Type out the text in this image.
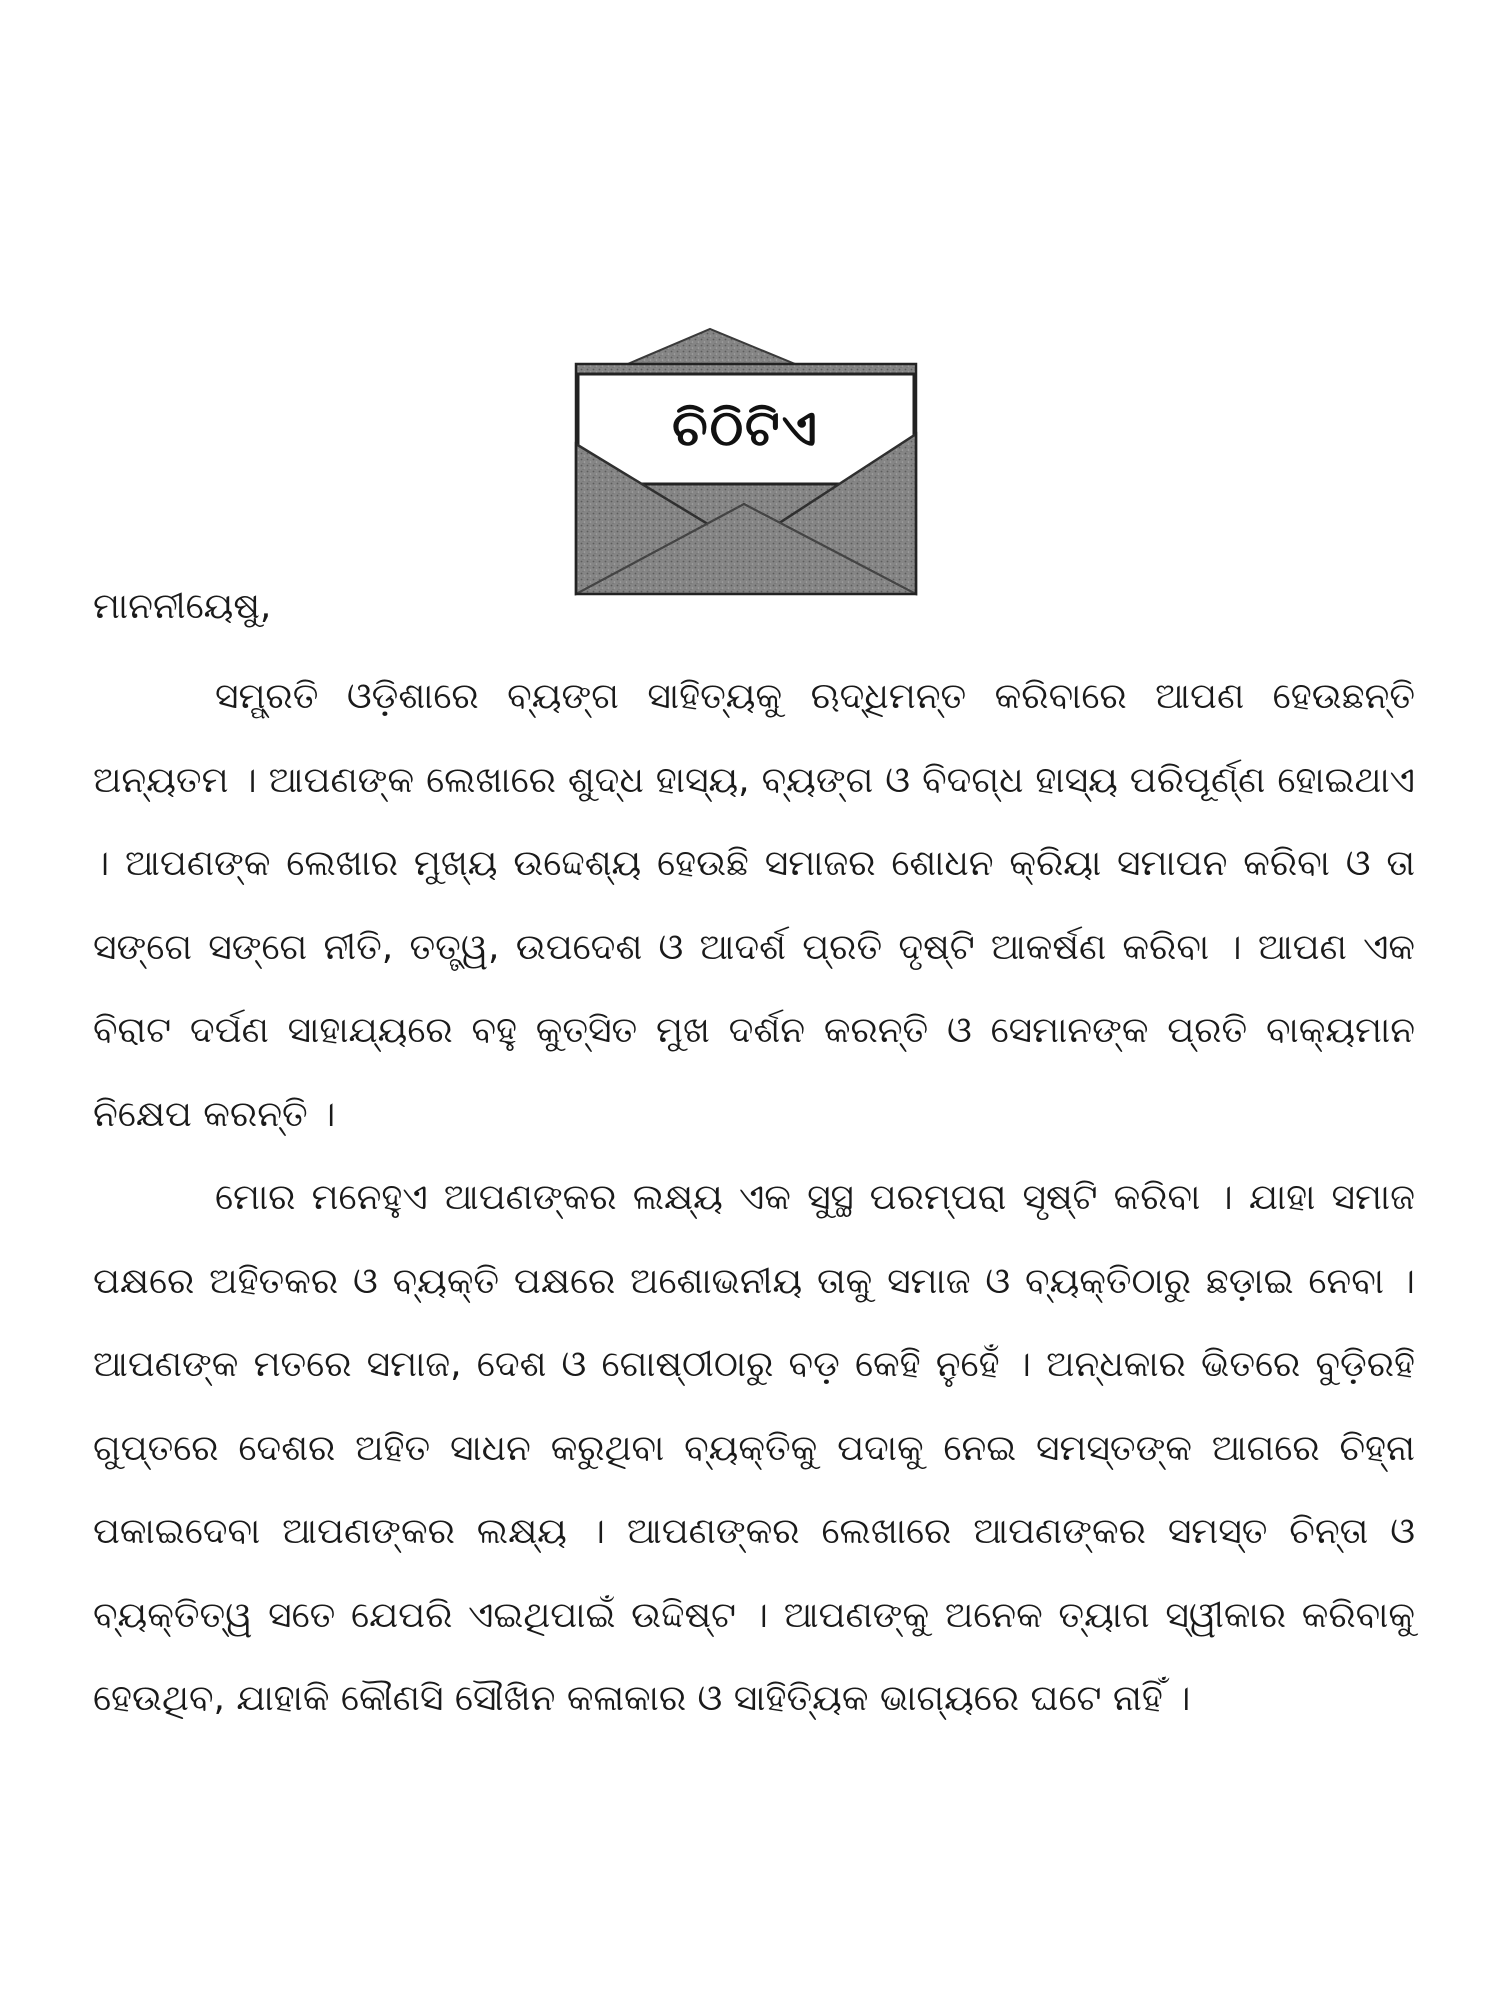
ଚିଠିଟିଏ
ମାନନୀୟେଷୁ,

ସମ୍ପ୍ରତି ଓଡ଼ିଶାରେ ବ୍ୟଙ୍ଗ ସାହିତ୍ୟକୁ ଋଦ୍ଧିମନ୍ତ କରିବାରେ ଆପଣ ହେଉଛନ୍ତି ଅନ୍ୟତମ । ଆପଣଙ୍କ ଲେଖାରେ ଶୁଦ୍ଧ ହାସ୍ୟ, ବ୍ୟଙ୍ଗ ଓ ବିଦଗ୍ଧ ହାସ୍ୟ ପରିପୂର୍ଣ୍ଣ ହୋଇଥାଏ । ଆପଣଙ୍କ ଲେଖାର ମୁଖ୍ୟ ଉଦ୍ଦେଶ୍ୟ ହେଉଛି ସମାଜର ଶୋଧନ କ୍ରିୟା ସମାପନ କରିବା ଓ ତା ସଙ୍ଗେ ସଙ୍ଗେ ନୀତି, ତତ୍ତ୍ୱ, ଉପଦେଶ ଓ ଆଦର୍ଶ ପ୍ରତି ଦୃଷ୍ଟି ଆକର୍ଷଣ କରିବା । ଆପଣ ଏକ ବିରାଟ ଦର୍ପଣ ସାହାଯ୍ୟରେ ବହୁ କୁତ୍ସିତ ମୁଖ ଦର୍ଶନ କରନ୍ତି ଓ ସେମାନଙ୍କ ପ୍ରତି ବାକ୍ୟମାନ ନିକ୍ଷେପ କରନ୍ତି ।

ମୋର ମନେହୁଏ ଆପଣଙ୍କର ଲକ୍ଷ୍ୟ ଏକ ସୁସ୍ଥ ପରମ୍ପରା ସୃଷ୍ଟି କରିବା । ଯାହା ସମାଜ ପକ୍ଷରେ ଅହିତକର ଓ ବ୍ୟକ୍ତି ପକ୍ଷରେ ଅଶୋଭନୀୟ ତାକୁ ସମାଜ ଓ ବ୍ୟକ୍ତିଠାରୁ ଛଡ଼ାଇ ନେବା । ଆପଣଙ୍କ ମତରେ ସମାଜ, ଦେଶ ଓ ଗୋଷ୍ଠୀଠାରୁ ବଡ଼ କେହି ନୁହେଁ । ଅନ୍ଧକାର ଭିତରେ ବୁଡ଼ିରହି ଗୁପ୍ତରେ ଦେଶର ଅହିତ ସାଧନ କରୁଥିବା ବ୍ୟକ୍ତିକୁ ପଦାକୁ ନେଇ ସମସ୍ତଙ୍କ ଆଗରେ ଚିହ୍ନା ପକାଇଦେବା ଆପଣଙ୍କର ଲକ୍ଷ୍ୟ । ଆପଣଙ୍କର ଲେଖାରେ ଆପଣଙ୍କର ସମସ୍ତ ଚିନ୍ତା ଓ ବ୍ୟକ୍ତିତ୍ୱ ସତେ ଯେପରି ଏଇଥିପାଇଁ ଉଦ୍ଦିଷ୍ଟ । ଆପଣଙ୍କୁ ଅନେକ ତ୍ୟାଗ ସ୍ୱୀକାର କରିବାକୁ ହେଉଥିବ, ଯାହାକି କୌଣସି ସୌଖିନ କଳାକାର ଓ ସାହିତ୍ୟିକ ଭାଗ୍ୟରେ ଘଟେ ନାହିଁ ।
